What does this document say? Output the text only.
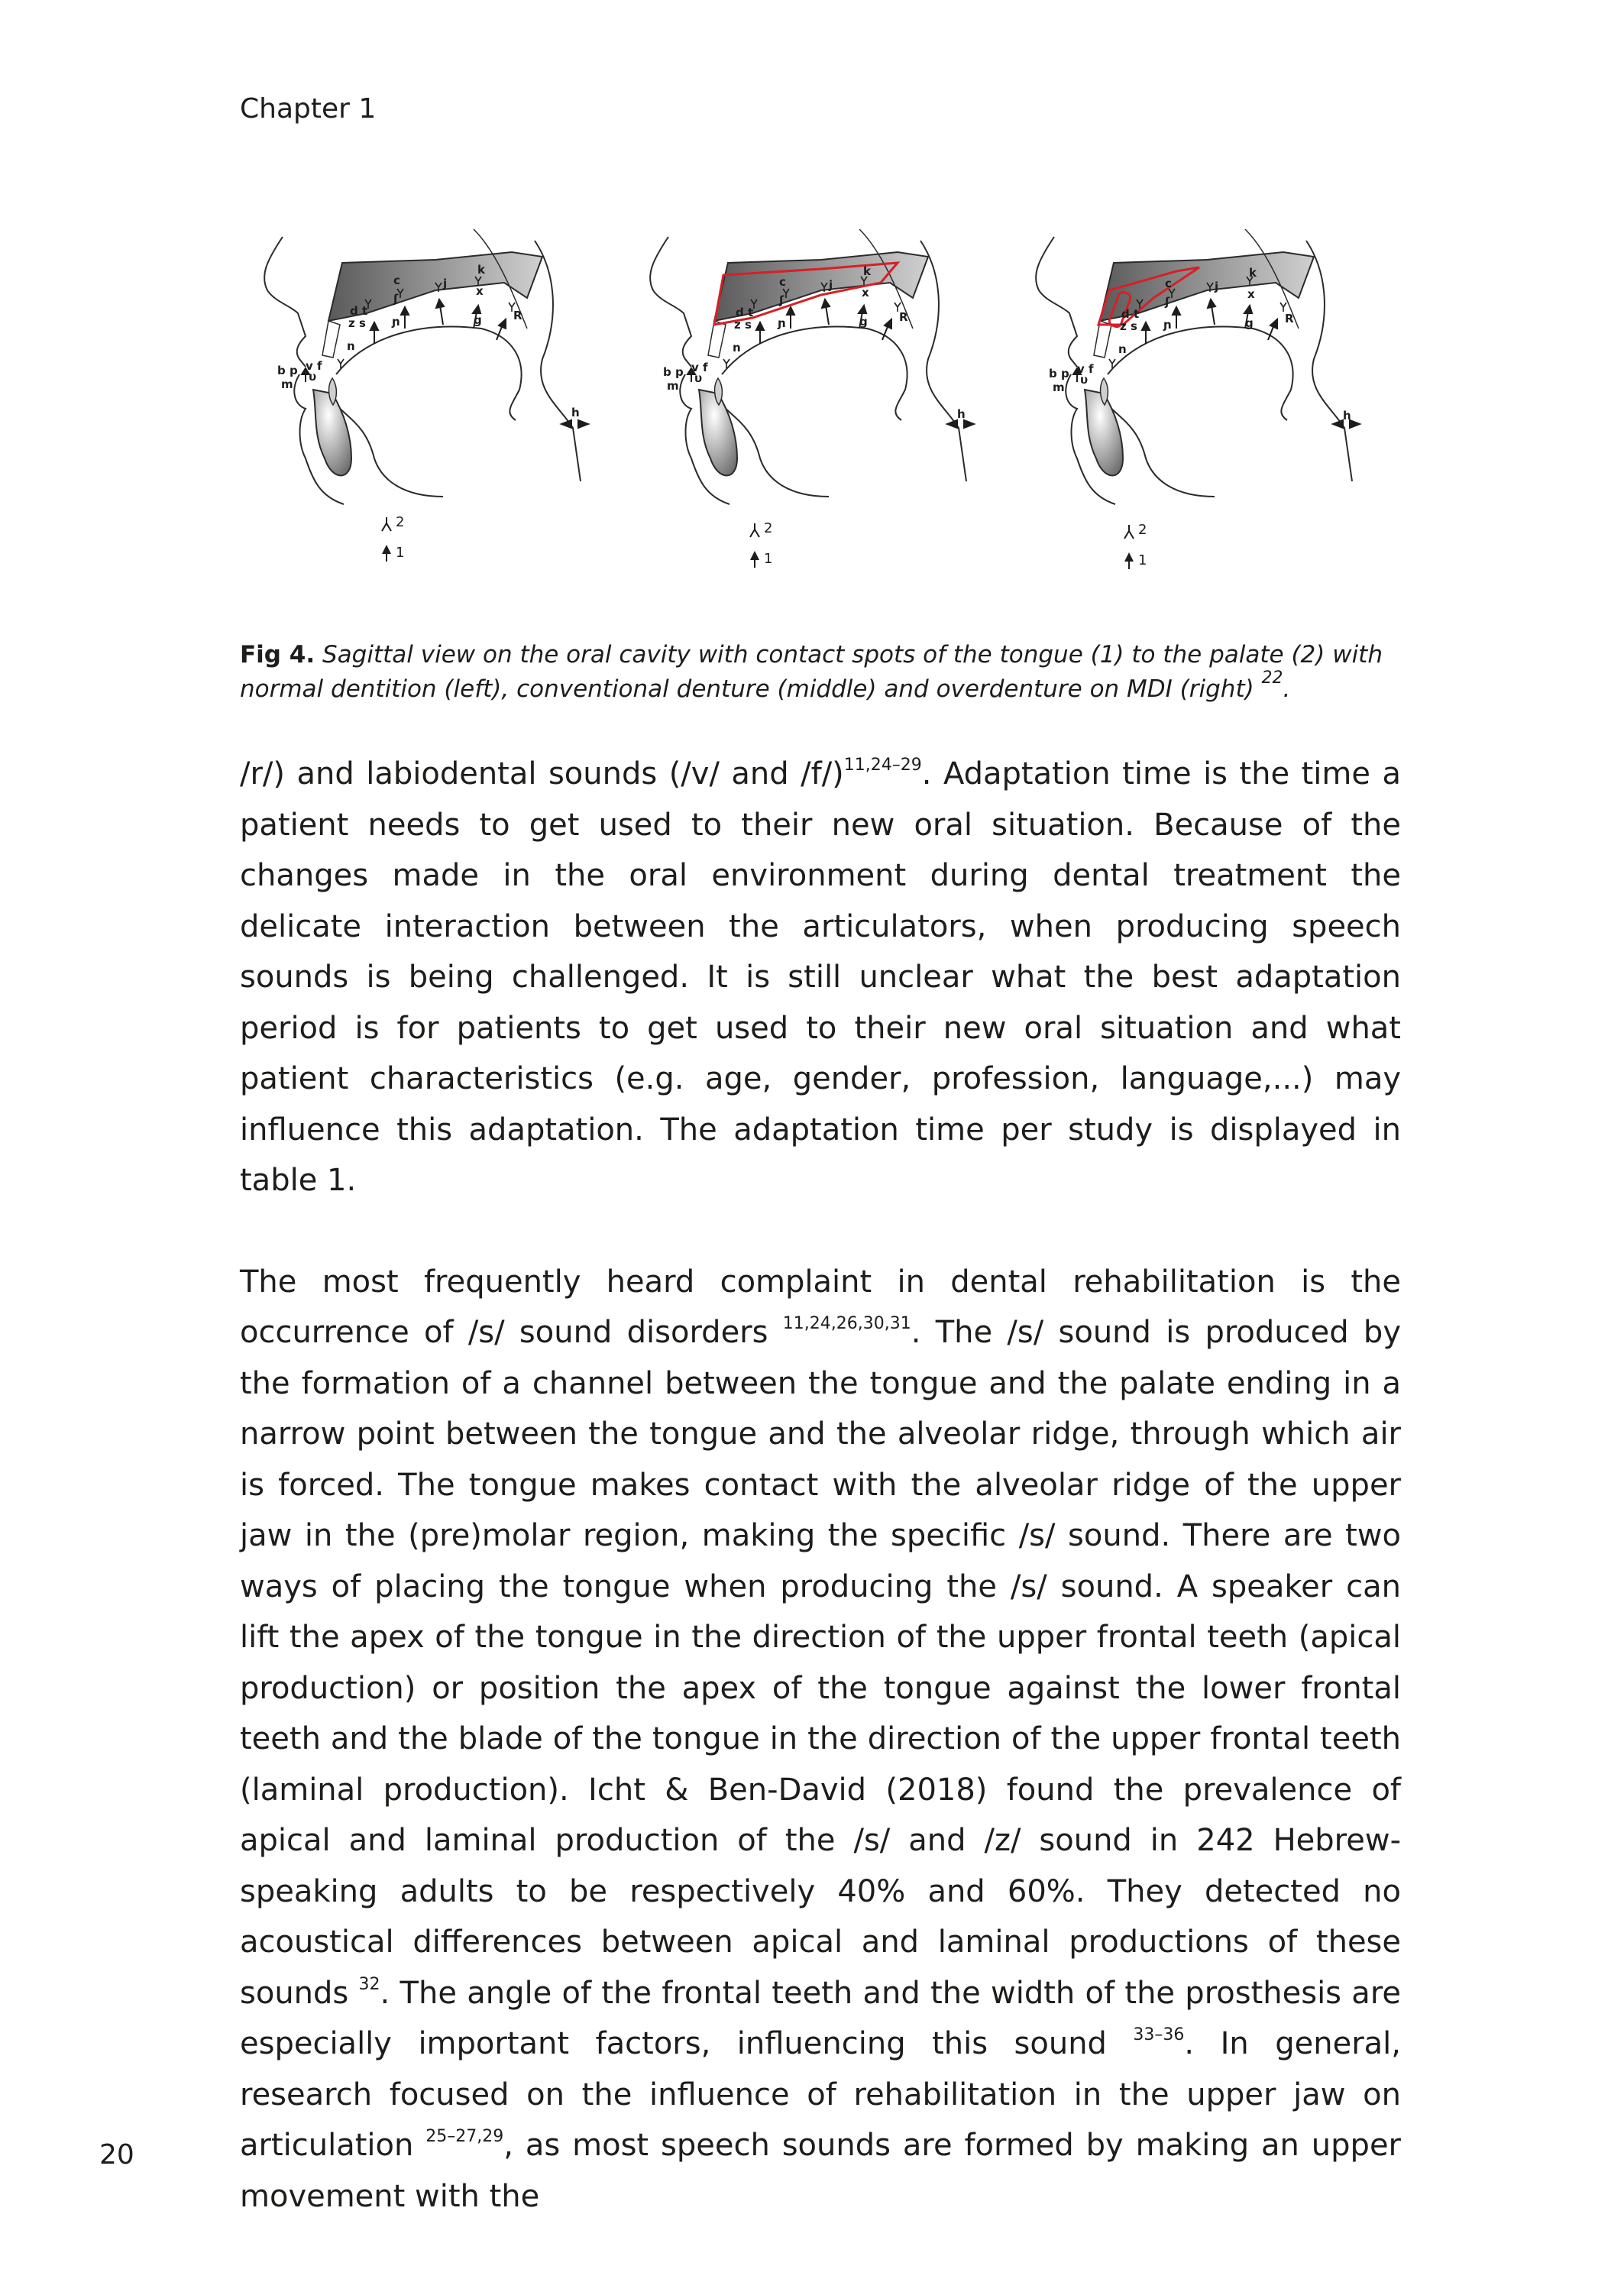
Chapter 1
b p
m
v f
υ
d t
z s
n
c
ʃ
ɲ
j
k
x
g	R
h
b p
m
v f
υ
d t
z s
n
c
ʃ
ɲ
j
k
x
g	R
h
b p
m
v f
υ
d t
z s
n
c
ʃ
ɲ
j
k
x
g	R
h
2
1
2
1
2
1
Fig 4. Sagittal view on the oral cavity with contact spots of the tongue (1) to the palate (2) with normal dentition (left), conventional denture (middle) and overdenture on MDI (right) $^{22}$.

/r/) and labiodental sounds (/v/ and /f/)$^{11,24-29}$. Adaptation time is the time a patient needs to get used to their new oral situation. Because of the changes made in the oral environment during dental treatment the delicate interaction between the articulators, when producing speech sounds is being challenged. It is still unclear what the best adaptation period is for patients to get used to their new oral situation and what patient characteristics (e.g. age, gender, profession, language,...) may influence this adaptation. The adaptation time per study is displayed in table 1.

The most frequently heard complaint in dental rehabilitation is the occurrence of /s/ sound disorders $^{11,24,26,30,31}$. The /s/ sound is produced by the formation of a channel between the tongue and the palate ending in a narrow point between the tongue and the alveolar ridge, through which air is forced. The tongue makes contact with the alveolar ridge of the upper jaw in the (pre)molar region, making the specific /s/ sound. There are two ways of placing the tongue when producing the /s/ sound. A speaker can lift the apex of the tongue in the direction of the upper frontal teeth (apical production) or position the apex of the tongue against the lower frontal teeth and the blade of the tongue in the direction of the upper frontal teeth (laminal production). Icht & Ben-David (2018) found the prevalence of apical and laminal production of the /s/ and /z/ sound in 242 Hebrew-speaking adults to be respectively 40% and 60%. They detected no acoustical differences between apical and laminal productions of these sounds $^{32}$. The angle of the frontal teeth and the width of the prosthesis are especially important factors, influencing this sound $^{33-36}$. In general, research focused on the influence of rehabilitation in the upper jaw on articulation $^{25-27,29}$, as most speech sounds are formed by making an upper movement with the

20
